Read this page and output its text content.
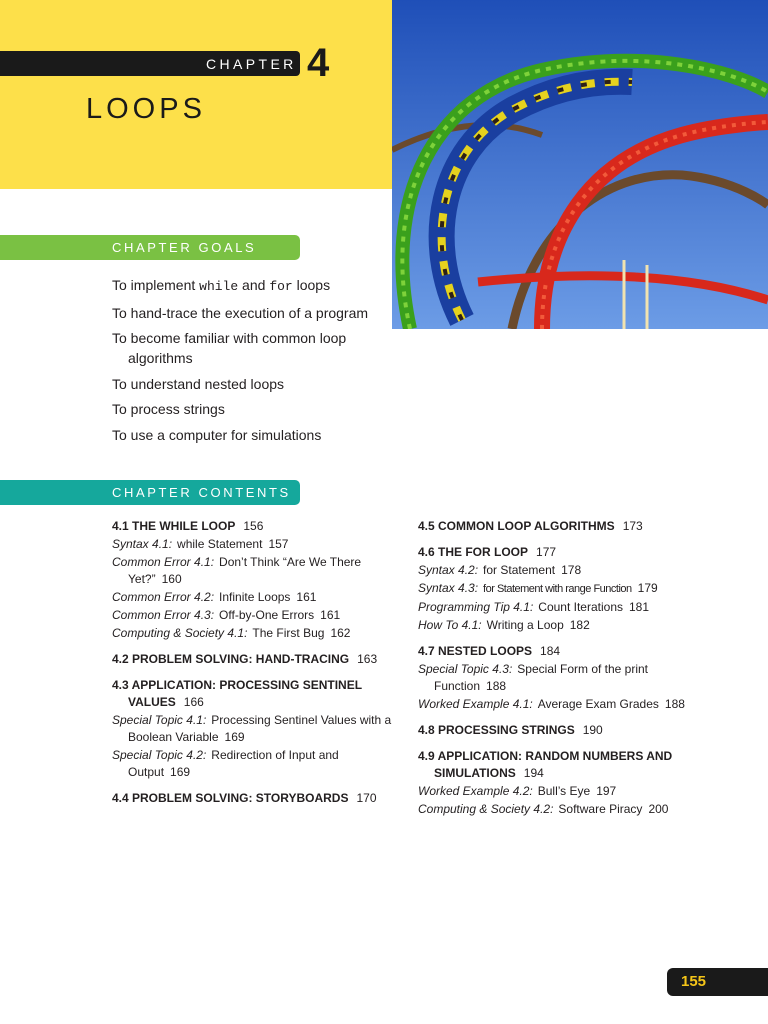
CHAPTER 4
LOOPS
CHAPTER GOALS
To implement while and for loops
To hand-trace the execution of a program
To become familiar with common loop algorithms
To understand nested loops
To process strings
To use a computer for simulations
CHAPTER CONTENTS
4.1 THE WHILE LOOP 156
Syntax 4.1: while Statement 157
Common Error 4.1: Don’t Think “Are We There Yet?” 160
Common Error 4.2: Infinite Loops 161
Common Error 4.3: Off-by-One Errors 161
Computing & Society 4.1: The First Bug 162
4.2 PROBLEM SOLVING: HAND-TRACING 163
4.3 APPLICATION: PROCESSING SENTINEL VALUES 166
Special Topic 4.1: Processing Sentinel Values with a Boolean Variable 169
Special Topic 4.2: Redirection of Input and Output 169
4.4 PROBLEM SOLVING: STORYBOARDS 170
4.5 COMMON LOOP ALGORITHMS 173
4.6 THE FOR LOOP 177
Syntax 4.2: for Statement 178
Syntax 4.3: for Statement with range Function 179
Programming Tip 4.1: Count Iterations 181
How To 4.1: Writing a Loop 182
4.7 NESTED LOOPS 184
Special Topic 4.3: Special Form of the print Function 188
Worked Example 4.1: Average Exam Grades 188
4.8 PROCESSING STRINGS 190
4.9 APPLICATION: RANDOM NUMBERS AND SIMULATIONS 194
Worked Example 4.2: Bull’s Eye 197
Computing & Society 4.2: Software Piracy 200
155
